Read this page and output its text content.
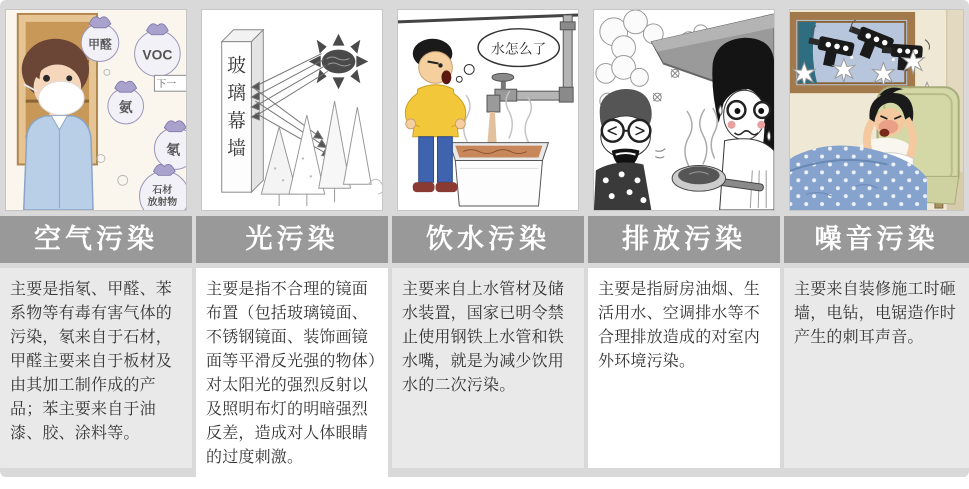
甲醛
VOC
氨
氡
石材
放射物
下一
空气污染
主要是指氡、甲醛、苯系物等有毒有害气体的污染，氡来自于石材，甲醛主要来自于板材及由其加工制作成的产品；苯主要来自于油漆、胶、涂料等。
玻
璃
幕
墙
光污染
主要是指不合理的镜面布置（包括玻璃镜面、不锈钢镜面、装饰画镜面等平滑反光强的物体）对太阳光的强烈反射以及照明布灯的明暗强烈反差，造成对人体眼睛的过度刺激。
水怎么了
饮水污染
主要来自上水管材及储水装置，国家已明令禁止使用钢铁上水管和铁水嘴，就是为减少饮用水的二次污染。
排放污染
主要是指厨房油烟、生活用水、空调排水等不合理排放造成的对室内外环境污染。
噪音污染
主要来自装修施工时砸墙，电钻，电锯造作时产生的刺耳声音。
